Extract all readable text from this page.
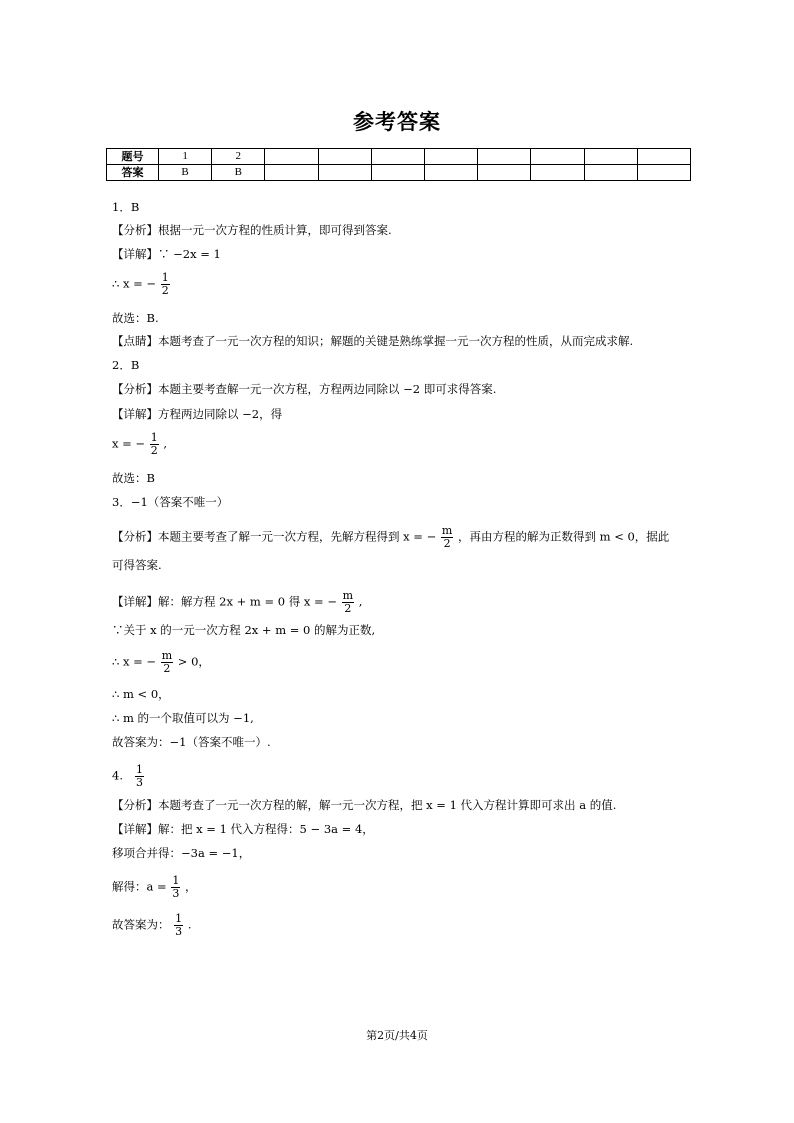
参考答案
题号	1	2								
答案	B	B								
1．B
【分析】根据一元一次方程的性质计算，即可得到答案.
【详解】∵ −2x = 1
∴ x = − $\frac{1}{2}$
故选：B.
【点睛】本题考查了一元一次方程的知识；解题的关键是熟练掌握一元一次方程的性质，从而完成求解.
2．B
【分析】本题主要考查解一元一次方程，方程两边同除以 −2 即可求得答案.
【详解】方程两边同除以 −2，得
x = − $\frac{1}{2}$ ,
故选：B
3．−1（答案不唯一）
【分析】本题主要考查了解一元一次方程，先解方程得到 x = − $\frac{m}{2}$ ，再由方程的解为正数得到 m < 0，据此
可得答案.
【详解】解：解方程 2x + m = 0 得 x = − $\frac{m}{2}$ ,
∵关于 x 的一元一次方程 2x + m = 0 的解为正数,
∴ x = − $\frac{m}{2} > 0$，
∴ m < 0，
∴ m 的一个取值可以为 −1,
故答案为：−1（答案不唯一）.
4. $\frac{1}{3}$
【分析】本题考查了一元一次方程的解，解一元一次方程，把 x = 1 代入方程计算即可求出 a 的值.
【详解】解：把 x = 1 代入方程得：5 − 3a = 4，
移项合并得：−3a = −1，
解得：$a = \frac{1}{3}$ ，
故答案为： $\frac{1}{3}$ .
第2页/共4页
